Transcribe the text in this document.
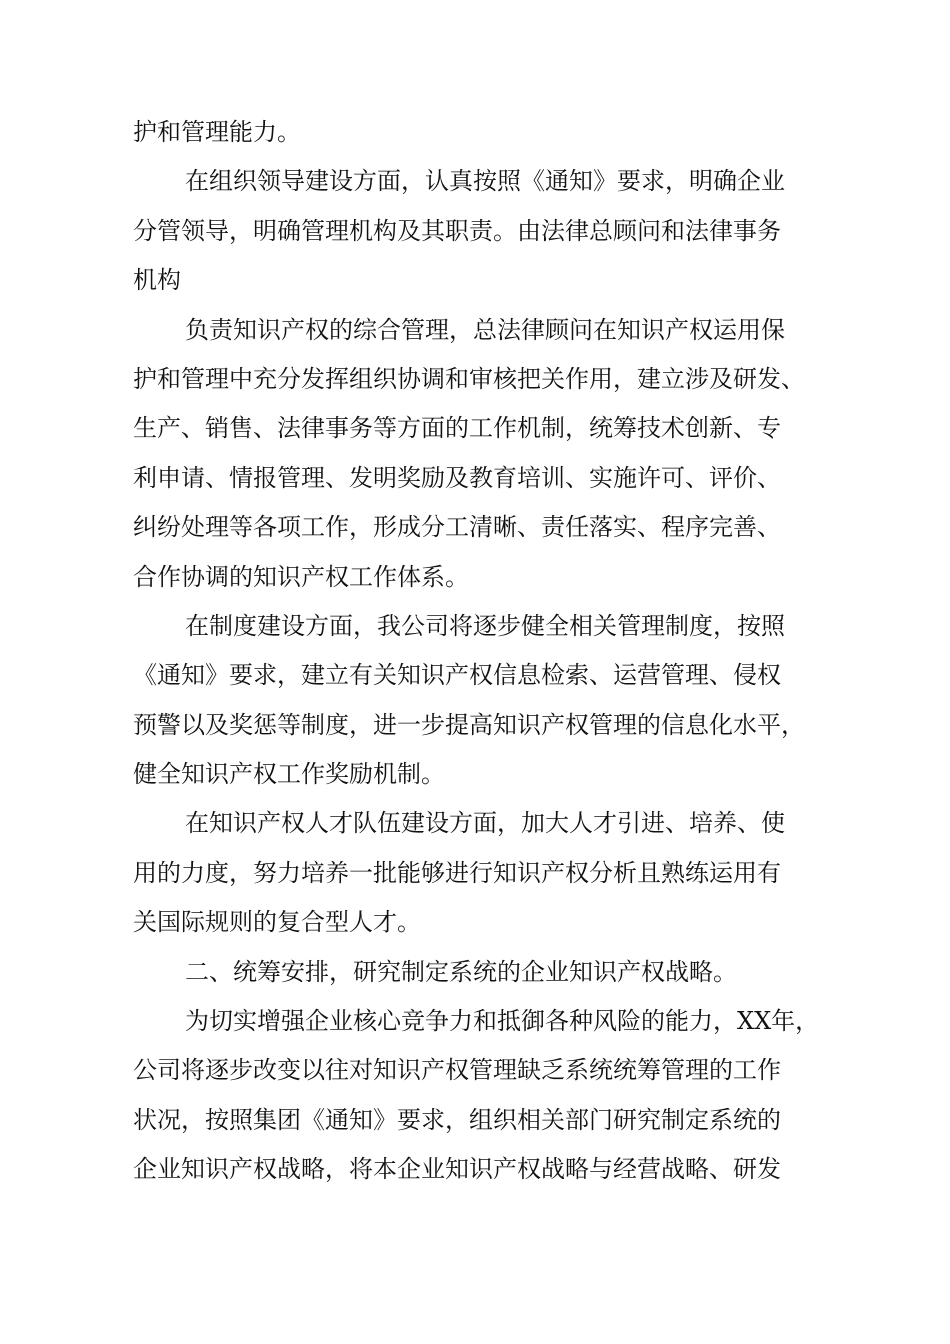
护和管理能力。
在组织领导建设方面，认真按照《通知》要求，明确企业
分管领导，明确管理机构及其职责。由法律总顾问和法律事务
机构
负责知识产权的综合管理，总法律顾问在知识产权运用保
护和管理中充分发挥组织协调和审核把关作用，建立涉及研发、
生产、销售、法律事务等方面的工作机制，统筹技术创新、专
利申请、情报管理、发明奖励及教育培训、实施许可、评价、
纠纷处理等各项工作，形成分工清晰、责任落实、程序完善、
合作协调的知识产权工作体系。
在制度建设方面，我公司将逐步健全相关管理制度，按照
《通知》要求，建立有关知识产权信息检索、运营管理、侵权
预警以及奖惩等制度，进一步提高知识产权管理的信息化水平，
健全知识产权工作奖励机制。
在知识产权人才队伍建设方面，加大人才引进、培养、使
用的力度，努力培养一批能够进行知识产权分析且熟练运用有
关国际规则的复合型人才。
二、统筹安排，研究制定系统的企业知识产权战略。
为切实增强企业核心竞争力和抵御各种风险的能力，XX年，
公司将逐步改变以往对知识产权管理缺乏系统统筹管理的工作
状况，按照集团《通知》要求，组织相关部门研究制定系统的
企业知识产权战略，将本企业知识产权战略与经营战略、研发
